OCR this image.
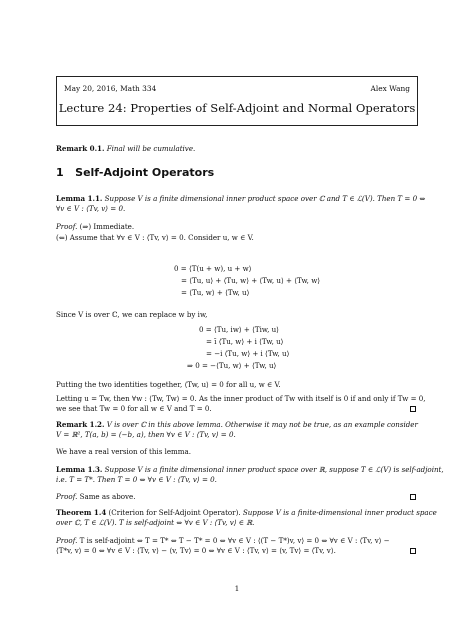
May 20, 2016, Math 334	Alex Wang
Lecture 24: Properties of Self-Adjoint and Normal Operators
Remark 0.1. Final will be cumulative.
1 Self-Adjoint Operators
Lemma 1.1. Suppose V is a finite dimensional inner product space over ℂ and T ∈ ℒ(V). Then T = 0 ⇔
∀v ∈ V : ⟨Tv, v⟩ = 0.
Proof. (⇒) Immediate.
(⇐) Assume that ∀v ∈ V : ⟨Tv, v⟩ = 0. Consider u, w ∈ V.
0 = ⟨T(u + w), u + w⟩
= ⟨Tu, u⟩ + ⟨Tu, w⟩ + ⟨Tw, u⟩ + ⟨Tw, w⟩
= ⟨Tu, w⟩ + ⟨Tw, u⟩
Since V is over ℂ, we can replace w by iw,
0 = ⟨Tu, iw⟩ + ⟨Tiw, u⟩
= ī ⟨Tu, w⟩ + i ⟨Tw, u⟩
= −i ⟨Tu, w⟩ + i ⟨Tw, u⟩
⇒ 0 = −⟨Tu, w⟩ + ⟨Tw, u⟩
Putting the two identities together, ⟨Tw, u⟩ = 0 for all u, w ∈ V.
Letting u = Tw, then ∀w : ⟨Tw, Tw⟩ = 0. As the inner product of Tw with itself is 0 if and only if Tw = 0,
we see that Tw = 0 for all w ∈ V and T = 0.
Remark 1.2. V is over ℂ in this above lemma. Otherwise it may not be true, as an example consider
V = ℝ², T(a, b) = (−b, a), then ∀v ∈ V : ⟨Tv, v⟩ = 0.
We have a real version of this lemma.
Lemma 1.3. Suppose V is a finite dimensional inner product space over ℝ, suppose T ∈ ℒ(V) is self-adjoint,
i.e. T = T*. Then T = 0 ⇔ ∀v ∈ V : ⟨Tv, v⟩ = 0.
Proof. Same as above.
Theorem 1.4 (Criterion for Self-Adjoint Operator). Suppose V is a finite-dimensional inner product space
over ℂ, T ∈ ℒ(V). T is self-adjoint ⇔ ∀v ∈ V : ⟨Tv, v⟩ ∈ ℝ.
Proof. T is self-adjoint ⇔ T = T* ⇔ T − T* = 0 ⇔ ∀v ∈ V : ⟨(T − T*)v, v⟩ = 0 ⇔ ∀v ∈ V : ⟨Tv, v⟩ −
⟨T*v, v⟩ = 0 ⇔ ∀v ∈ V : ⟨Tv, v⟩ − ⟨v, Tv⟩ = 0 ⇔ ∀v ∈ V : ⟨Tv, v⟩ = ⟨v, Tv⟩ = ⟨Tv, v⟩.
1
